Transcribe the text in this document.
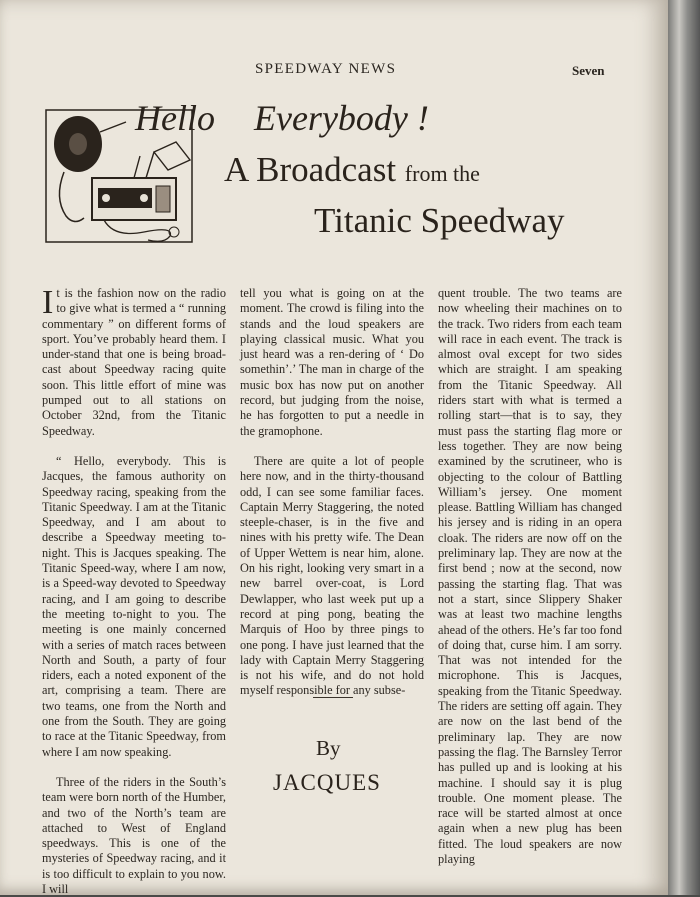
SPEEDWAY NEWS	Seven
Hello Everybody !
A Broadcast from the
Titanic Speedway

It is the fashion now on the radio to give what is termed a “ running commentary ” on different forms of sport. You’ve probably heard them. I under-stand that one is being broad-cast about Speedway racing quite soon. This little effort of mine was pumped out to all stations on October 32nd, from the Titanic Speedway.

“ Hello, everybody. This is Jacques, the famous authority on Speedway racing, speaking from the Titanic Speedway. I am at the Titanic Speedway, and I am about to describe a Speedway meeting to-night. This is Jacques speaking. The Titanic Speed-way, where I am now, is a Speed-way devoted to Speedway racing, and I am going to describe the meeting to-night to you. The meeting is one mainly concerned with a series of match races between North and South, a party of four riders, each a noted exponent of the art, comprising a team. There are two teams, one from the North and one from the South. They are going to race at the Titanic Speedway, from where I am now speaking.

Three of the riders in the South’s team were born north of the Humber, and two of the North’s team are attached to West of England speedways. This is one of the mysteries of Speedway racing, and it is too difficult to explain to you now. I will

tell you what is going on at the moment. The crowd is filing into the stands and the loud speakers are playing classical music. What you just heard was a ren-dering of ‘ Do somethin’.’ The man in charge of the music box has now put on another record, but judging from the noise, he has forgotten to put a needle in the gramophone.

There are quite a lot of people here now, and in the thirty-thousand odd, I can see some familiar faces. Captain Merry Staggering, the noted steeple-chaser, is in the five and nines with his pretty wife. The Dean of Upper Wettem is near him, alone. On his right, looking very smart in a new barrel over-coat, is Lord Dewlapper, who last week put up a record at ping pong, beating the Marquis of Hoo by three pings to one pong. I have just learned that the lady with Captain Merry Staggering is not his wife, and do not hold myself responsible for any subse-

By
JACQUES

quent trouble. The two teams are now wheeling their machines on to the track. Two riders from each team will race in each event. The track is almost oval except for two sides which are straight. I am speaking from the Titanic Speedway. All riders start with what is termed a rolling start—that is to say, they must pass the starting flag more or less together. They are now being examined by the scrutineer, who is objecting to the colour of Battling William’s jersey. One moment please. Battling William has changed his jersey and is riding in an opera cloak. The riders are now off on the preliminary lap. They are now at the first bend ; now at the second, now passing the starting flag. That was not a start, since Slippery Shaker was at least two machine lengths ahead of the others. He’s far too fond of doing that, curse him. I am sorry. That was not intended for the microphone. This is Jacques, speaking from the Titanic Speedway. The riders are setting off again. They are now on the last bend of the preliminary lap. They are now passing the flag. The Barnsley Terror has pulled up and is looking at his machine. I should say it is plug trouble. One moment please. The race will be started almost at once again when a new plug has been fitted. The loud speakers are now playing
